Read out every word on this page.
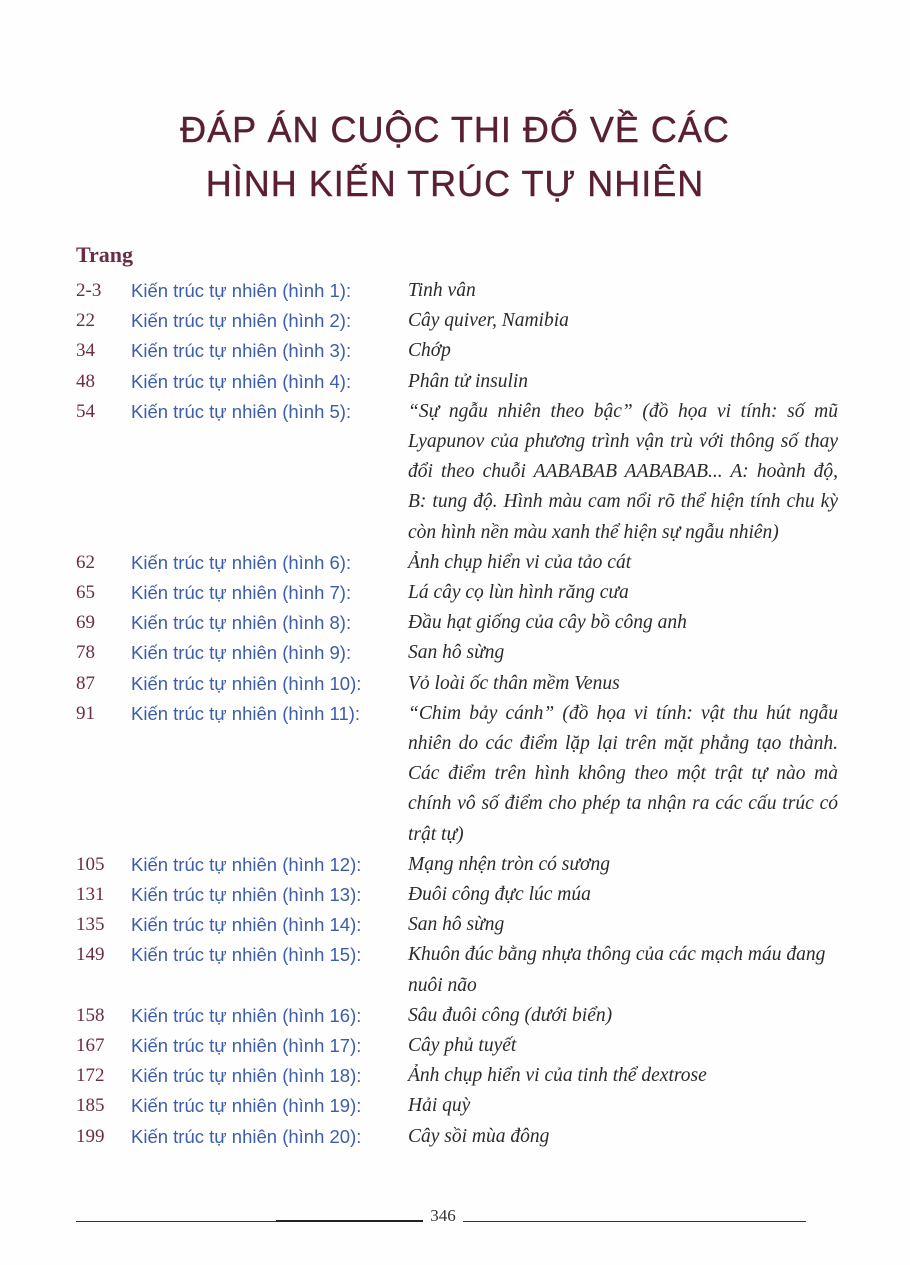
ĐÁP ÁN CUỘC THI ĐỐ VỀ CÁC
HÌNH KIẾN TRÚC TỰ NHIÊN
Trang
2-3	Kiến trúc tự nhiên (hình 1):	Tinh vân
22	Kiến trúc tự nhiên (hình 2):	Cây quiver, Namibia
34	Kiến trúc tự nhiên (hình 3):	Chớp
48	Kiến trúc tự nhiên (hình 4):	Phân tử insulin
54	Kiến trúc tự nhiên (hình 5):	“Sự ngẫu nhiên theo bậc” (đồ họa vi tính: số mũ Lyapunov của phương trình vận trù với thông số thay đổi theo chuỗi AABABAB AABABAB... A: hoành độ, B: tung độ. Hình màu cam nổi rõ thể hiện tính chu kỳ còn hình nền màu xanh thể hiện sự ngẫu nhiên)
62	Kiến trúc tự nhiên (hình 6):	Ảnh chụp hiển vi của tảo cát
65	Kiến trúc tự nhiên (hình 7):	Lá cây cọ lùn hình răng cưa
69	Kiến trúc tự nhiên (hình 8):	Đầu hạt giống của cây bồ công anh
78	Kiến trúc tự nhiên (hình 9):	San hô sừng
87	Kiến trúc tự nhiên (hình 10):	Vỏ loài ốc thân mềm Venus
91	Kiến trúc tự nhiên (hình 11):	“Chim bảy cánh” (đồ họa vi tính: vật thu hút ngẫu nhiên do các điểm lặp lại trên mặt phẳng tạo thành. Các điểm trên hình không theo một trật tự nào mà chính vô số điểm cho phép ta nhận ra các cấu trúc có trật tự)
105	Kiến trúc tự nhiên (hình 12):	Mạng nhện tròn có sương
131	Kiến trúc tự nhiên (hình 13):	Đuôi công đực lúc múa
135	Kiến trúc tự nhiên (hình 14):	San hô sừng
149	Kiến trúc tự nhiên (hình 15):	Khuôn đúc bằng nhựa thông của các mạch máu đang nuôi não
158	Kiến trúc tự nhiên (hình 16):	Sâu đuôi công (dưới biển)
167	Kiến trúc tự nhiên (hình 17):	Cây phủ tuyết
172	Kiến trúc tự nhiên (hình 18):	Ảnh chụp hiển vi của tinh thể dextrose
185	Kiến trúc tự nhiên (hình 19):	Hải quỳ
199	Kiến trúc tự nhiên (hình 20):	Cây sồi mùa đông
346
